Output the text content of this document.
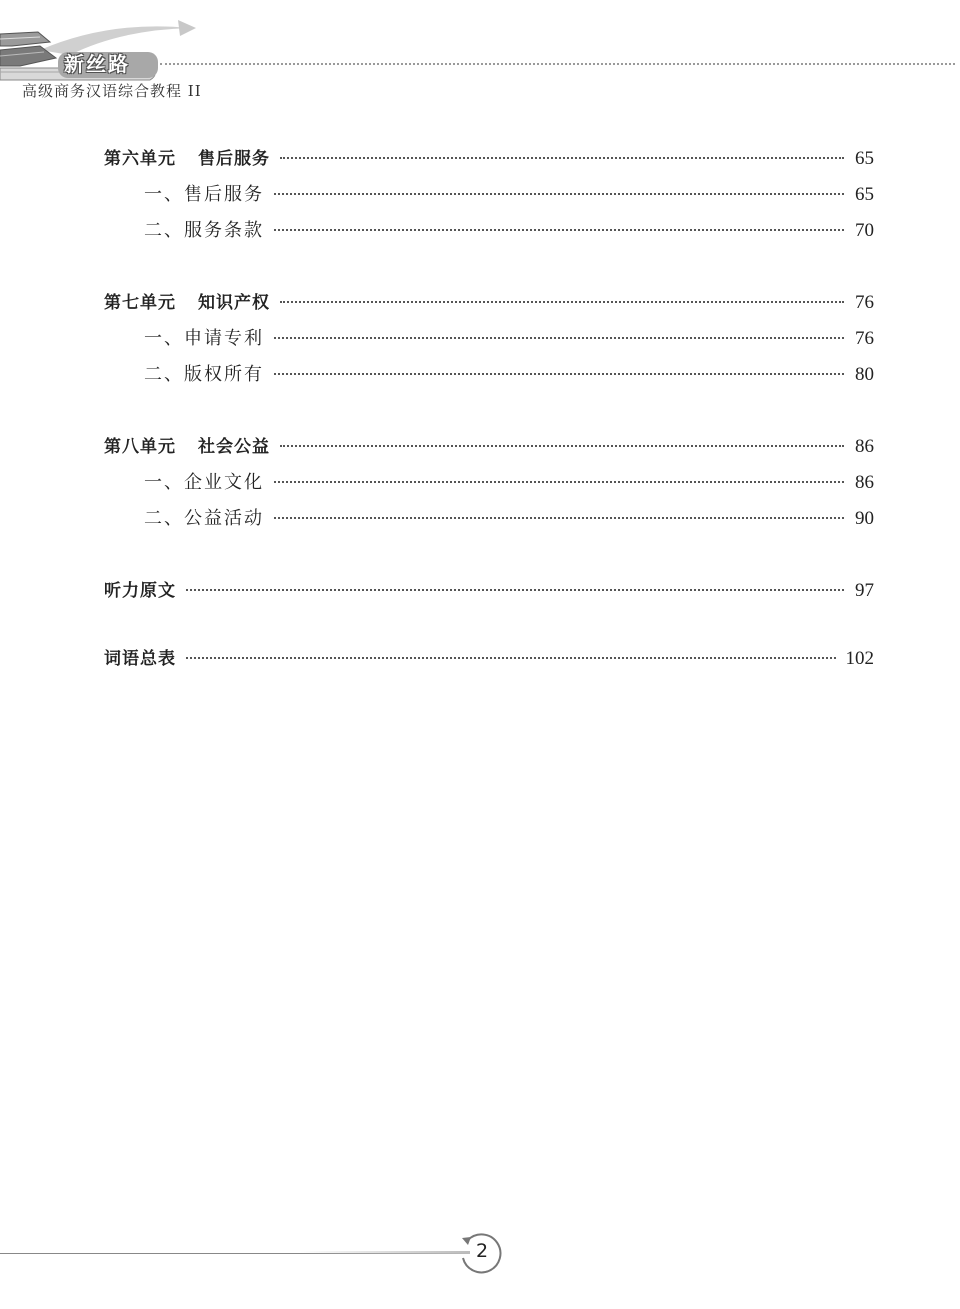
新丝路
高级商务汉语综合教程 II
第六单元 售后服务	65
一、售后服务	65
二、服务条款	70
第七单元 知识产权	76
一、申请专利	76
二、版权所有	80
第八单元 社会公益	86
一、企业文化	86
二、公益活动	90
听力原文	97
词语总表	102
2
